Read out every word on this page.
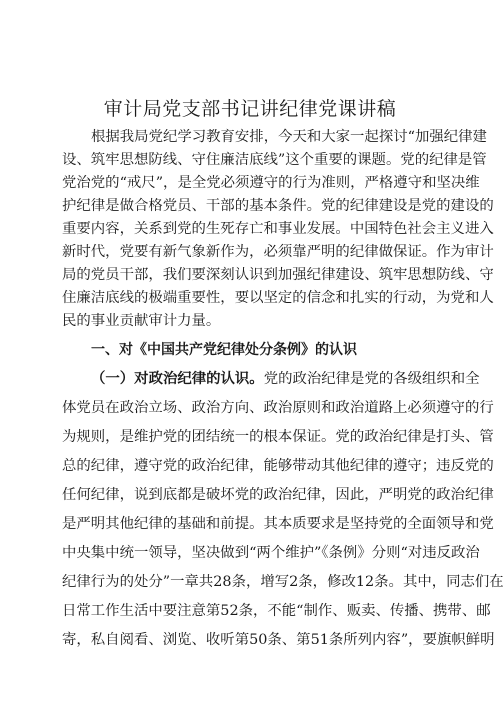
审计局党支部书记讲纪律党课讲稿
根据我局党纪学习教育安排，今天和大家一起探讨“加强纪律建
设、筑牢思想防线、守住廉洁底线”这个重要的课题。党的纪律是管
党治党的“戒尺”，是全党必须遵守的行为准则，严格遵守和坚决维
护纪律是做合格党员、干部的基本条件。党的纪律建设是党的建设的
重要内容，关系到党的生死存亡和事业发展。中国特色社会主义进入
新时代，党要有新气象新作为，必须靠严明的纪律做保证。作为审计
局的党员干部，我们要深刻认识到加强纪律建设、筑牢思想防线、守
住廉洁底线的极端重要性，要以坚定的信念和扎实的行动，为党和人
民的事业贡献审计力量。
一、对《中国共产党纪律处分条例》的认识
（一）对政治纪律的认识。党的政治纪律是党的各级组织和全
体党员在政治立场、政治方向、政治原则和政治道路上必须遵守的行
为规则，是维护党的团结统一的根本保证。党的政治纪律是打头、管
总的纪律，遵守党的政治纪律，能够带动其他纪律的遵守；违反党的
任何纪律，说到底都是破坏党的政治纪律，因此，严明党的政治纪律
是严明其他纪律的基础和前提。其本质要求是坚持党的全面领导和党
中央集中统一领导，坚决做到“两个维护”《条例》分则“对违反政治
纪律行为的处分”一章共28条，增写2条，修改12条。其中，同志们在
日常工作生活中要注意第52条，不能“制作、贩卖、传播、携带、邮
寄，私自阅看、浏览、收听第50条、第51条所列内容”，要旗帜鲜明
